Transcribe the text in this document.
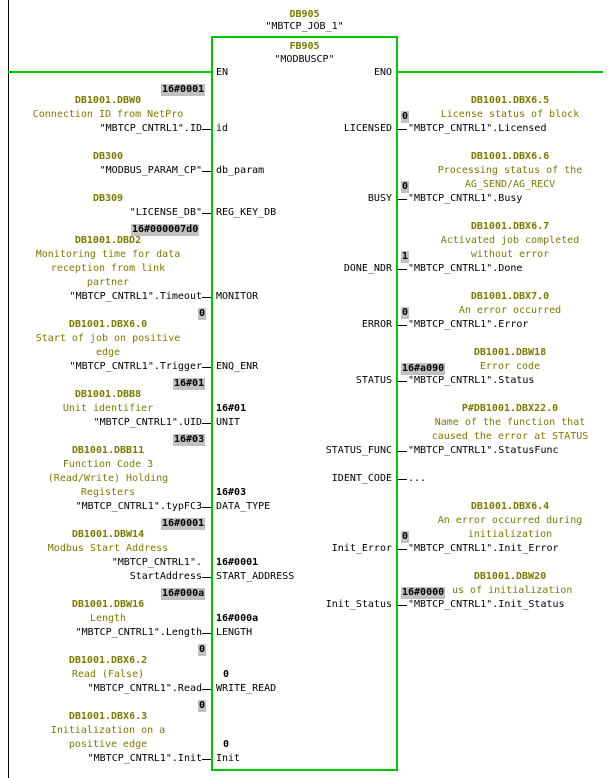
DB905
"MBTCP_JOB_1"
FB905
"MODBUSCP"
EN	ENO
16#0001
DB1001.DBW0
Connection ID from NetPro
"MBTCP_CNTRL1".ID id
DB300
"MODBUS_PARAM_CP" db_param
DB309
"LICENSE_DB" REG_KEY_DB
16#000007d0
DB1001.DBD2
Monitoring time for data
reception from link
partner
"MBTCP_CNTRL1".Timeout MONITOR
0
DB1001.DBX6.0
Start of job on positive
edge
"MBTCP_CNTRL1".Trigger ENQ_ENR
16#01
DB1001.DBB8
Unit identifier	16#01
"MBTCP_CNTRL1".UID UNIT
16#03
DB1001.DBB11
Function Code 3
(Read/Write) Holding
Registers	16#03
"MBTCP_CNTRL1".typFC3 DATA_TYPE
16#0001
DB1001.DBW14
Modbus Start Address
"MBTCP_CNTRL1". 16#0001
StartAddress START_ADDRESS
16#000a
DB1001.DBW16
Length	16#000a
"MBTCP_CNTRL1".Length LENGTH
0
DB1001.DBX6.2
Read (False)	0
"MBTCP_CNTRL1".Read WRITE_READ
0
DB1001.DBX6.3
Initialization on a
positive edge	0
"MBTCP_CNTRL1".Init Init
DB1001.DBX6.5
0	License status of block
LICENSED "MBTCP_CNTRL1".Licensed
DB1001.DBX6.6
Processing status of the
0	AG_SEND/AG_RECV
BUSY "MBTCP_CNTRL1".Busy
DB1001.DBX6.7
Activated job completed
1	without error
DONE_NDR "MBTCP_CNTRL1".Done
DB1001.DBX7.0
0	An error occurred
ERROR "MBTCP_CNTRL1".Error
DB1001.DBW18
16#a090	Error code
STATUS "MBTCP_CNTRL1".Status
P#DB1001.DBX22.0
Name of the function that
caused the error at STATUS
STATUS_FUNC "MBTCP_CNTRL1".StatusFunc
IDENT_CODE ...
DB1001.DBX6.4
An error occurred during
0	initialization
Init_Error "MBTCP_CNTRL1".Init_Error
DB1001.DBW20
16#0000 us of initialization
Init_Status "MBTCP_CNTRL1".Init_Status
